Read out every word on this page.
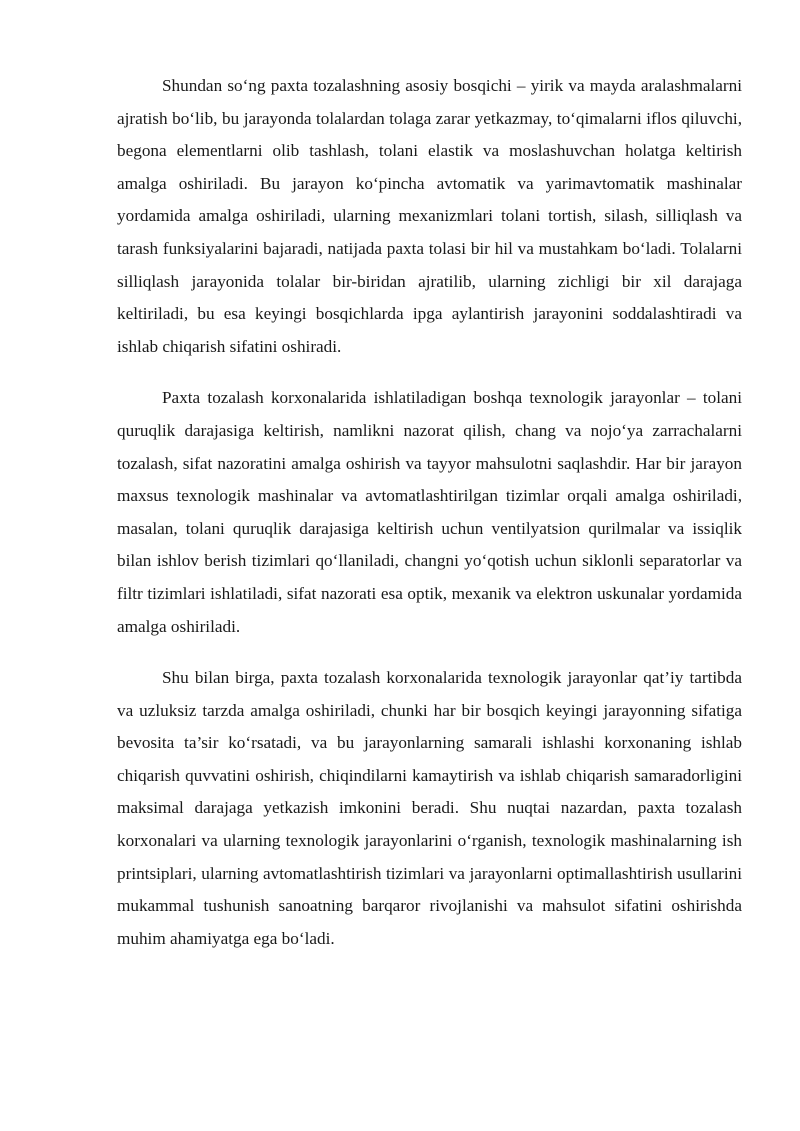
Shundan so‘ng paxta tozalashning asosiy bosqichi – yirik va mayda aralashmalarni ajratish bo‘lib, bu jarayonda tolalardan tolaga zarar yetkazmay, to‘qimalarni iflos qiluvchi, begona elementlarni olib tashlash, tolani elastik va moslashuvchan holatga keltirish amalga oshiriladi. Bu jarayon ko‘pincha avtomatik va yarimavtomatik mashinalar yordamida amalga oshiriladi, ularning mexanizmlari tolani tortish, silash, silliqlash va tarash funksiyalarini bajaradi, natijada paxta tolasi bir hil va mustahkam bo‘ladi. Tolalarni silliqlash jarayonida tolalar bir-biridan ajratilib, ularning zichligi bir xil darajaga keltiriladi, bu esa keyingi bosqichlarda ipga aylantirish jarayonini soddalashtiradi va ishlab chiqarish sifatini oshiradi.

Paxta tozalash korxonalarida ishlatiladigan boshqa texnologik jarayonlar – tolani quruqlik darajasiga keltirish, namlikni nazorat qilish, chang va nojo‘ya zarrachalarni tozalash, sifat nazoratini amalga oshirish va tayyor mahsulotni saqlashdir. Har bir jarayon maxsus texnologik mashinalar va avtomatlashtirilgan tizimlar orqali amalga oshiriladi, masalan, tolani quruqlik darajasiga keltirish uchun ventilyatsion qurilmalar va issiqlik bilan ishlov berish tizimlari qo‘llaniladi, changni yo‘qotish uchun siklonli separatorlar va filtr tizimlari ishlatiladi, sifat nazorati esa optik, mexanik va elektron uskunalar yordamida amalga oshiriladi.

Shu bilan birga, paxta tozalash korxonalarida texnologik jarayonlar qat’iy tartibda va uzluksiz tarzda amalga oshiriladi, chunki har bir bosqich keyingi jarayonning sifatiga bevosita ta’sir ko‘rsatadi, va bu jarayonlarning samarali ishlashi korxonaning ishlab chiqarish quvvatini oshirish, chiqindilarni kamaytirish va ishlab chiqarish samaradorligini maksimal darajaga yetkazish imkonini beradi. Shu nuqtai nazardan, paxta tozalash korxonalari va ularning texnologik jarayonlarini o‘rganish, texnologik mashinalarning ish printsiplari, ularning avtomatlashtirish tizimlari va jarayonlarni optimallashtirish usullarini mukammal tushunish sanoatning barqaror rivojlanishi va mahsulot sifatini oshirishda muhim ahamiyatga ega bo‘ladi.
